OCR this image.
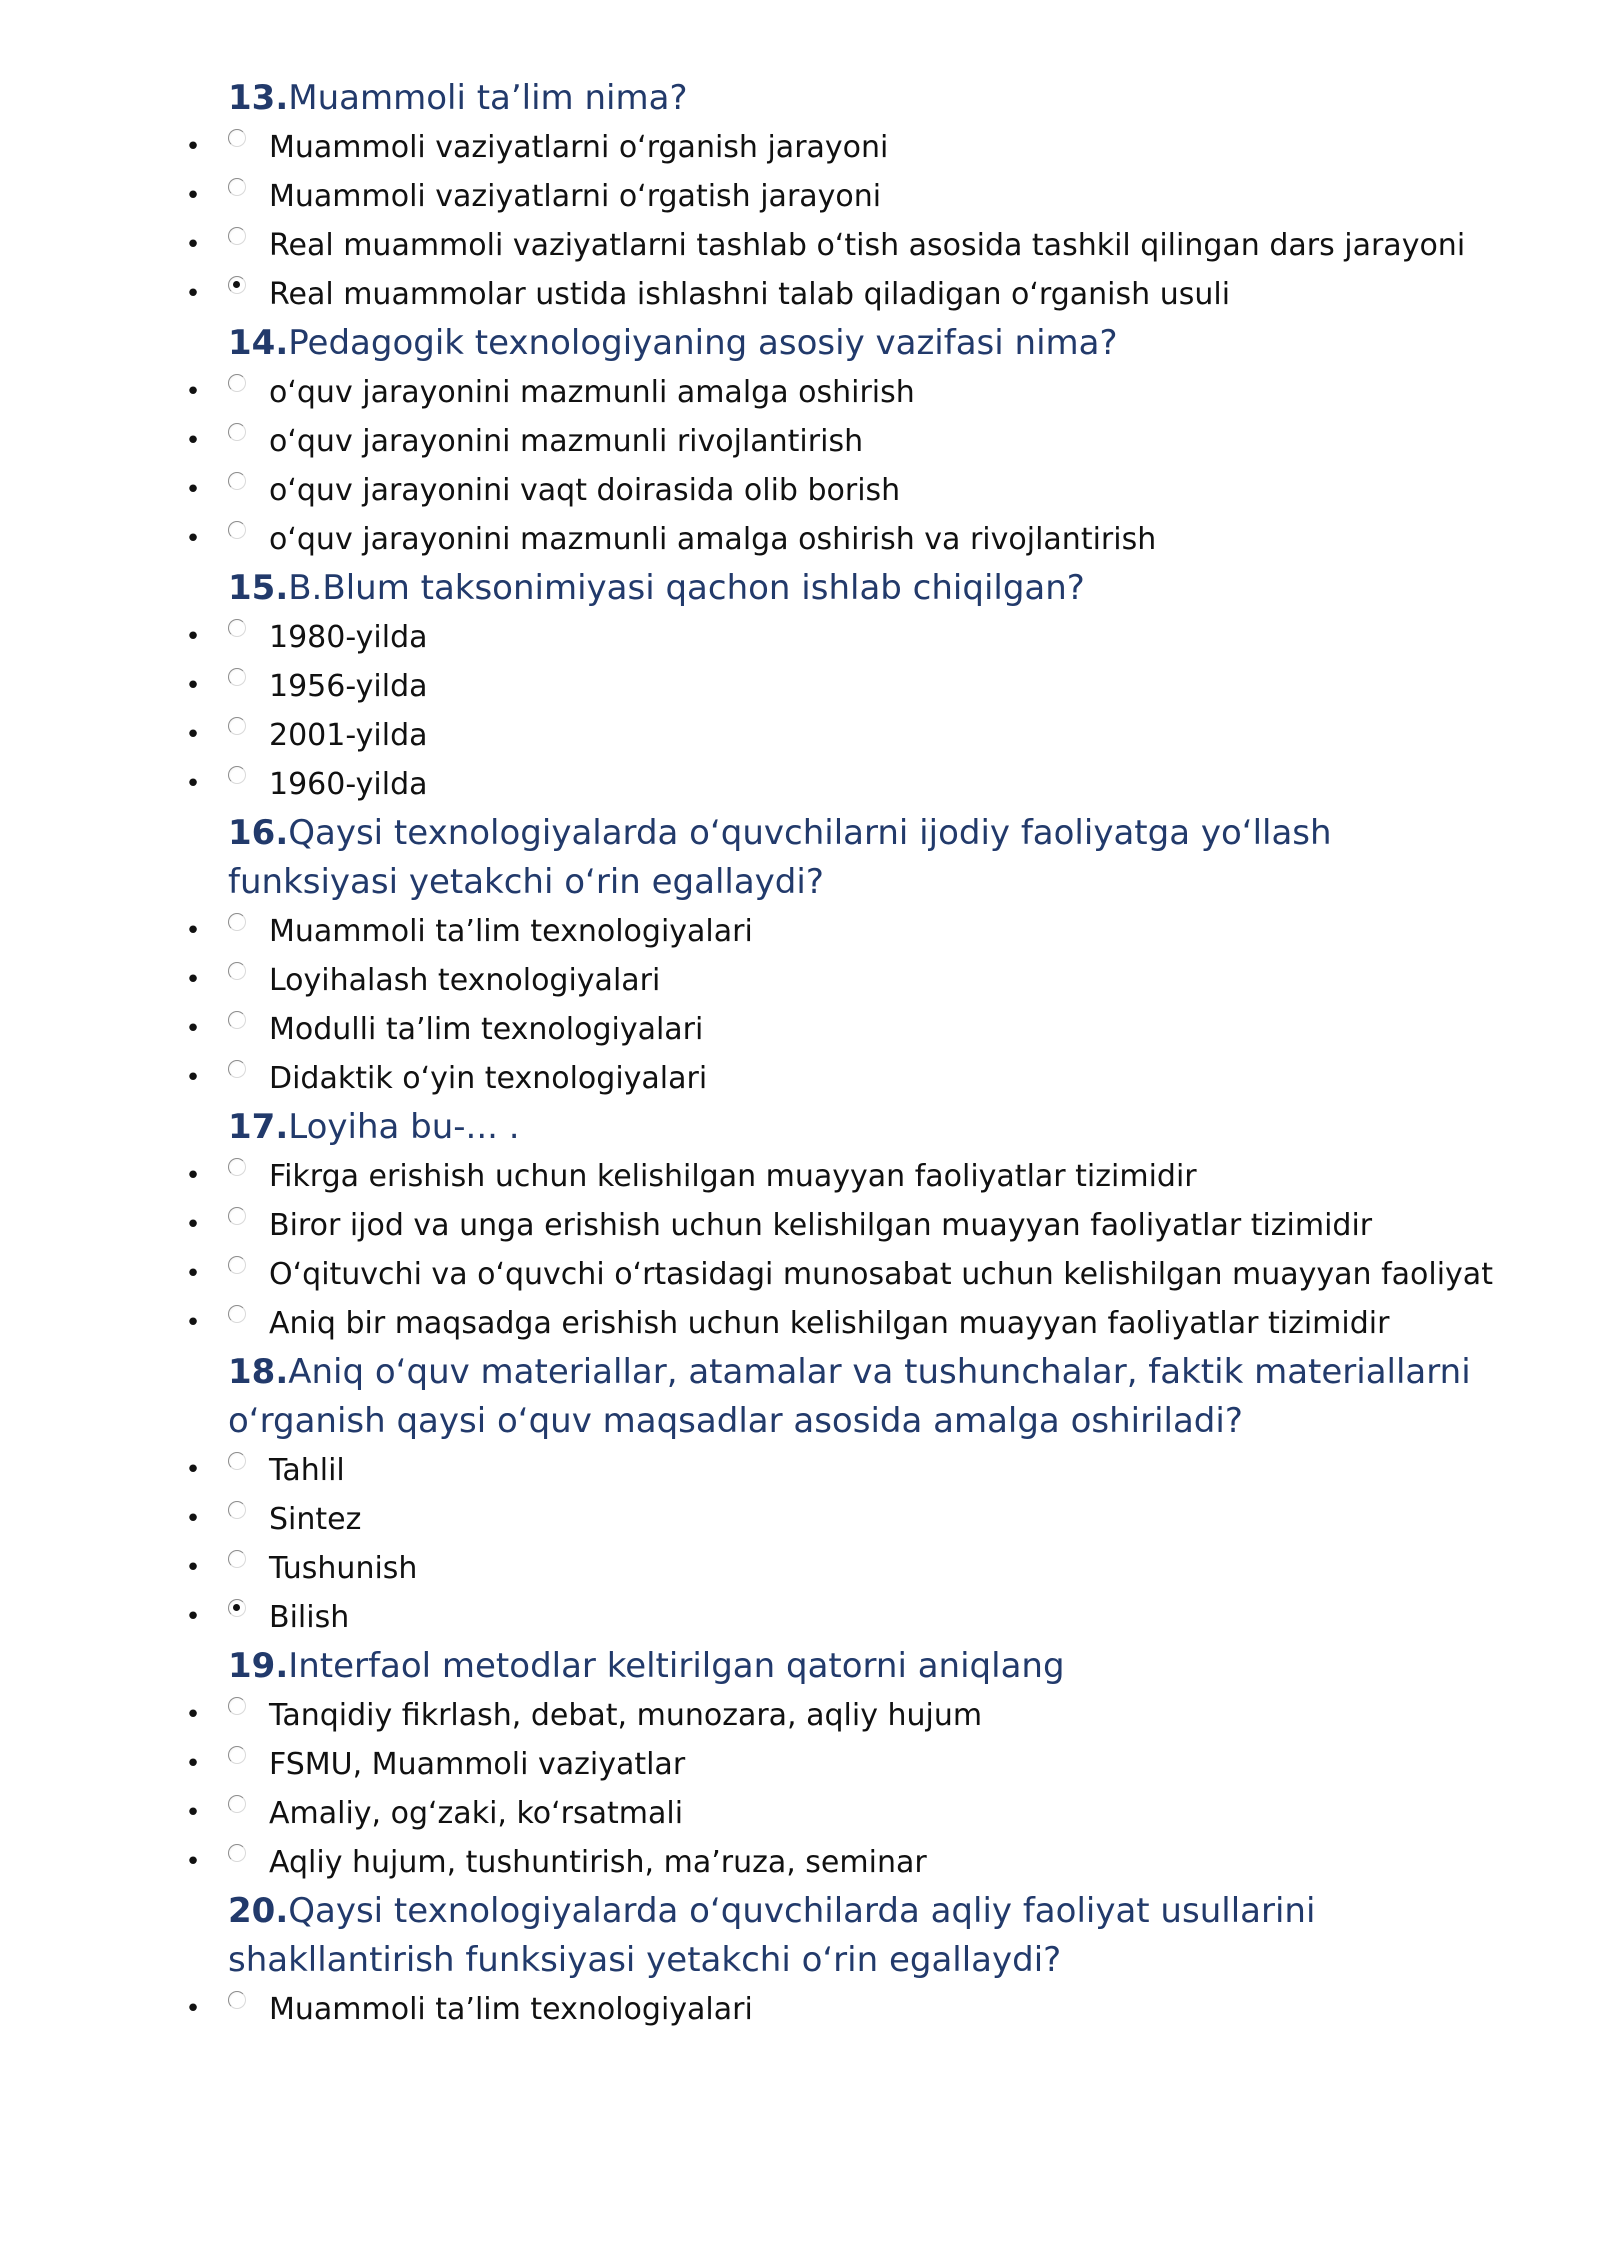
13.Muammoli ta’lim nima?
• Muammoli vaziyatlarni o‘rganish jarayoni
• Muammoli vaziyatlarni o‘rgatish jarayoni
• Real muammoli vaziyatlarni tashlab o‘tish asosida tashkil qilingan dars jarayoni
• Real muammolar ustida ishlashni talab qiladigan o‘rganish usuli
14.Pedagogik texnologiyaning asosiy vazifasi nima?
• o‘quv jarayonini mazmunli amalga oshirish
• o‘quv jarayonini mazmunli rivojlantirish
• o‘quv jarayonini vaqt doirasida olib borish
• o‘quv jarayonini mazmunli amalga oshirish va rivojlantirish
15.B.Blum taksonimiyasi qachon ishlab chiqilgan?
• 1980-yilda
• 1956-yilda
• 2001-yilda
• 1960-yilda
16.Qaysi texnologiyalarda o‘quvchilarni ijodiy faoliyatga yo‘llash funksiyasi yetakchi o‘rin egallaydi?
• Muammoli ta’lim texnologiyalari
• Loyihalash texnologiyalari
• Modulli ta’lim texnologiyalari
• Didaktik o‘yin texnologiyalari
17.Loyiha bu-... .
• Fikrga erishish uchun kelishilgan muayyan faoliyatlar tizimidir
• Biror ijod va unga erishish uchun kelishilgan muayyan faoliyatlar tizimidir
• O‘qituvchi va o‘quvchi o‘rtasidagi munosabat uchun kelishilgan muayyan faoliyat
• Aniq bir maqsadga erishish uchun kelishilgan muayyan faoliyatlar tizimidir
18.Aniq o‘quv materiallar, atamalar va tushunchalar, faktik materiallarni o‘rganish qaysi o‘quv maqsadlar asosida amalga oshiriladi?
• Tahlil
• Sintez
• Tushunish
• Bilish
19.Interfaol metodlar keltirilgan qatorni aniqlang
• Tanqidiy fikrlash, debat, munozara, aqliy hujum
• FSMU, Muammoli vaziyatlar
• Amaliy, og‘zaki, ko‘rsatmali
• Aqliy hujum, tushuntirish, ma’ruza, seminar
20.Qaysi texnologiyalarda o‘quvchilarda aqliy faoliyat usullarini shakllantirish funksiyasi yetakchi o‘rin egallaydi?
• Muammoli ta’lim texnologiyalari
